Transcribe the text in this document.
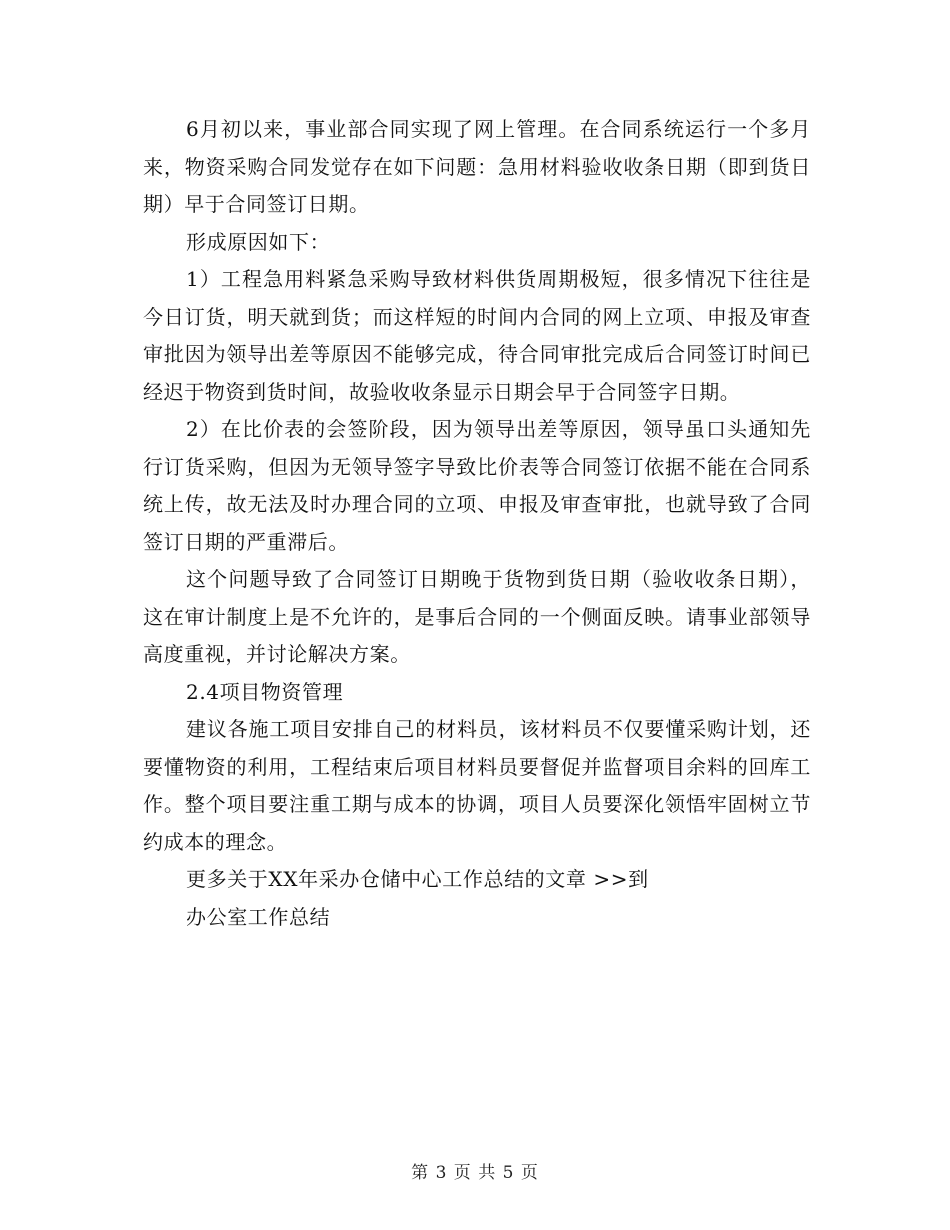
6月初以来，事业部合同实现了网上管理。在合同系统运行一个多月来，物资采购合同发觉存在如下问题：急用材料验收收条日期（即到货日期）早于合同签订日期。

形成原因如下：

1）工程急用料紧急采购导致材料供货周期极短，很多情况下往往是今日订货，明天就到货；而这样短的时间内合同的网上立项、申报及审查审批因为领导出差等原因不能够完成，待合同审批完成后合同签订时间已经迟于物资到货时间，故验收收条显示日期会早于合同签字日期。

2）在比价表的会签阶段，因为领导出差等原因，领导虽口头通知先行订货采购，但因为无领导签字导致比价表等合同签订依据不能在合同系统上传，故无法及时办理合同的立项、申报及审查审批，也就导致了合同签订日期的严重滞后。

这个问题导致了合同签订日期晚于货物到货日期（验收收条日期），这在审计制度上是不允许的，是事后合同的一个侧面反映。请事业部领导高度重视，并讨论解决方案。

2.4项目物资管理

建议各施工项目安排自己的材料员，该材料员不仅要懂采购计划，还要懂物资的利用，工程结束后项目材料员要督促并监督项目余料的回库工作。整个项目要注重工期与成本的协调，项目人员要深化领悟牢固树立节约成本的理念。

更多关于XX年采办仓储中心工作总结的文章 >>到

办公室工作总结

第 3 页 共 5 页
